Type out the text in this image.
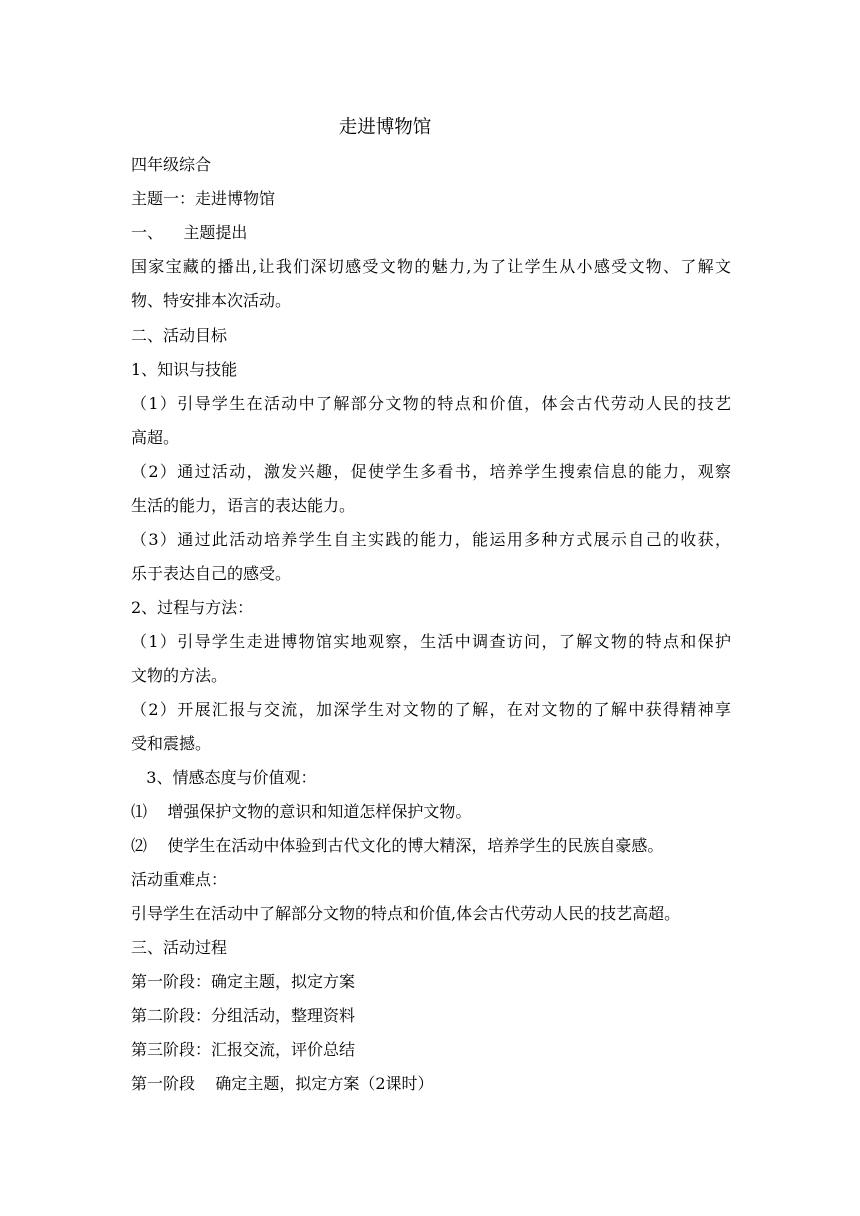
走进博物馆
四年级综合
主题一：走进博物馆
一、    主题提出
国家宝藏的播出,让我们深切感受文物的魅力,为了让学生从小感受文物、了解文
物、特安排本次活动。
二、活动目标
1、知识与技能
（1）引导学生在活动中了解部分文物的特点和价值，体会古代劳动人民的技艺
高超。
（2）通过活动，激发兴趣，促使学生多看书，培养学生搜索信息的能力，观察
生活的能力，语言的表达能力。
（3）通过此活动培养学生自主实践的能力，能运用多种方式展示自己的收获，
乐于表达自己的感受。
2、过程与方法：
（1）引导学生走进博物馆实地观察，生活中调查访问，了解文物的特点和保护
文物的方法。
（2）开展汇报与交流，加深学生对文物的了解，在对文物的了解中获得精神享
受和震撼。
3、情感态度与价值观：
⑴    增强保护文物的意识和知道怎样保护文物。
⑵    使学生在活动中体验到古代文化的博大精深，培养学生的民族自豪感。
活动重难点：
引导学生在活动中了解部分文物的特点和价值,体会古代劳动人民的技艺高超。
三、活动过程
第一阶段：确定主题，拟定方案
第二阶段：分组活动，整理资料
第三阶段：汇报交流，评价总结
第一阶段    确定主题，拟定方案（2课时）
